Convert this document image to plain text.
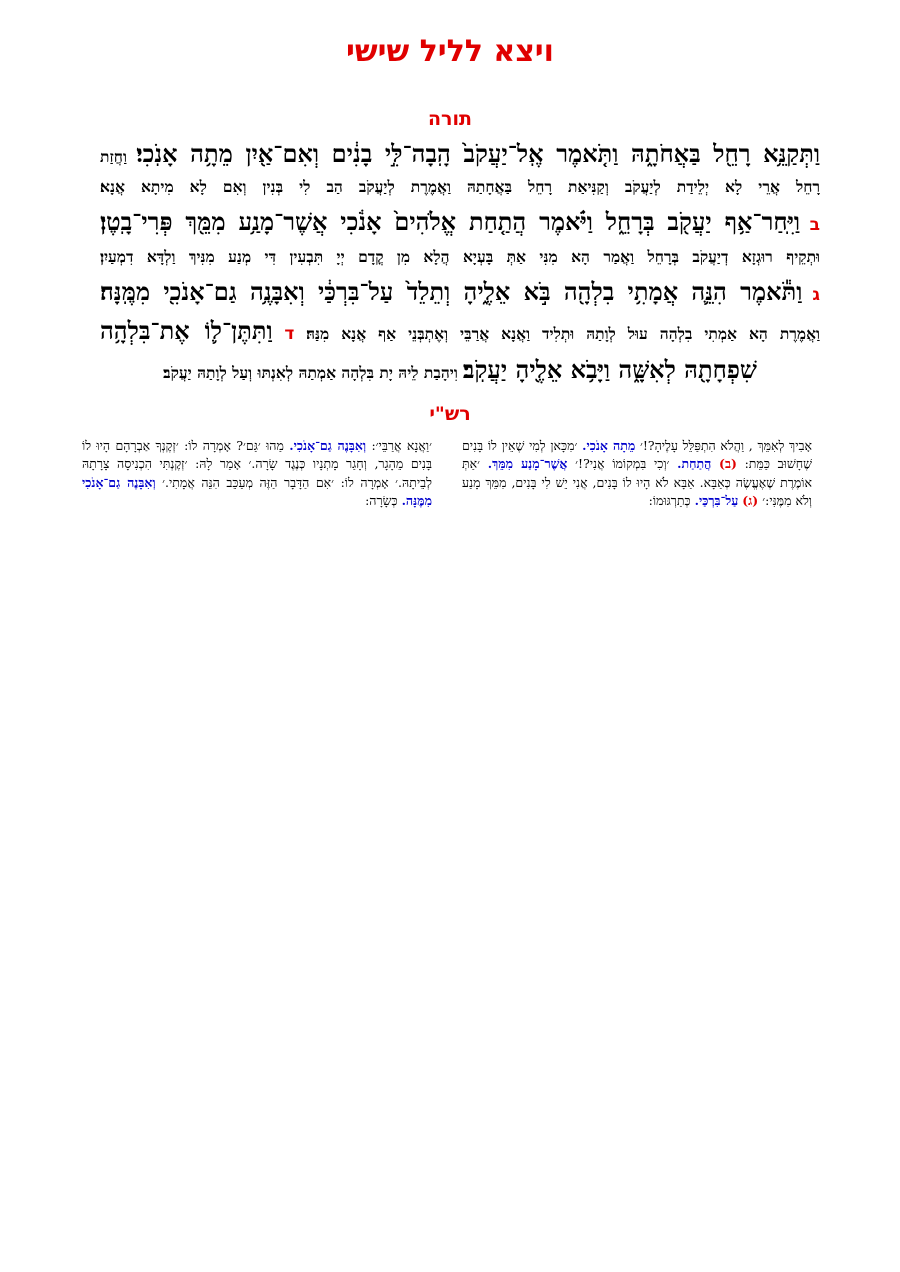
ויצא לליל שישי
תורה
וַתְּקַנֵּ֥א רָחֵ֖ל בַּאֲחֹתָ֑הּ וַתֹּ֤אמֶר אֶֽל־יַעֲקֹב֙ הָֽבָה־לִּ֣י בָנִ֔ים וְאִם־אַ֖יִן מֵתָ֥ה אָנֹֽכִי׃ וַחֲזַת
רָחֵל אֲרֵי לָא יְלֵידַת לְיַעֲקֹב וְקַנִּיאַת רָחֵל בַּאֲחָתַהּ וַאֲמֶרֶת לְיַעֲקֹב הַב לִי בְּנִין וְאִם לָא מִיתָא אֲנָא׃
ב וַיִּֽחַר־אַ֥ף יַעֲקֹ֖ב בְּרָחֵ֑ל וַיֹּ֗אמֶר הֲתַ֤חַת אֱלֹהִים֙ אָנֹ֔כִי אֲשֶׁר־מָנַ֥ע מִמֵּ֖ךְ פְּרִי־בָֽטֶן׃
וּתְקֵיף רוּגְזָא דְיַעֲקֹב בְּרָחֵל וַאֲמַר הָא מִנִּי אַתְּ בָּעְיָא הֲלָא מִן קֳדָם יְיָ תִּבְעִין דִּי מְנַע מִנִּיךְ וַלְדָּא דִמְעַיִן׃
ג וַתֹּ֕אמֶר הִנֵּ֛ה אֲמָתִ֥י בִלְהָ֖ה בֹּ֣א אֵלֶ֑יהָ וְתֵלֵד֙ עַל־בִּרְכַּ֔י וְאִבָּנֶ֥ה גַם־אָנֹכִ֖י מִמֶּֽנָּה׃
וַאֲמֶרֶת הָא אַמְתִי בִלְהָה עוּל לְוָתַהּ וּתְלִיד וַאֲנָא אֲרַבֵּי וְאֶתְבְּנֵי אַף אֲנָא מִנַּהּ׃ ד וַתִּתֶּן־ל֛וֹ אֶת־בִּלְהָ֥ה
שִׁפְחָתָ֖הּ לְאִשָּׁ֑ה וַיָּבֹ֥א אֵלֶ֖יהָ יַעֲקֹֽב׃ וִיהָבַת לֵיהּ יָת בִּלְהָה אַמְתַהּ לְאִנְתּוּ וְעַל לְוָתַהּ יַעֲקֹב׃
רש"י
אָבִיךְ לְאִמֵּךְ , וַהֲלֹא הִתְפַּלֵּל עָלֶיהָ?!׳ מֵתָה אָנֹכִי. ׳מִכָּאן לְמִי שֶׁאֵין לוֹ בָּנִים שֶׁחָשׁוּב כַּמֵּת: (ב) הֲתַחַת. ׳וְכִי בִּמְקוֹמוֹ אֲנִי?!׳ אֲשֶׁר־מָנַע מִמֵּךְ. ׳אַתְּ אוֹמֶרֶת שֶׁאֶעֱשֶׂה כְּאַבָּא. אַבָּא לֹא הָיוּ לוֹ בָּנִים, אֲנִי יֵשׁ לִי בָּנִים, מִמֵּךְ מָנַע וְלֹא מִמֶּנִּי:׳ (ג) עַל־בִּרְכַּי. כְּתַרְגּוּמוֹ:
׳וַאֲנָא אֲרַבֵּי׳: וְאִבָּנֶה גַם־אָנֹכִי. מַהוּ ׳גַּם׳? אָמְרָה לוֹ: ׳זְקֶנְךָ אַבְרָהָם הָיוּ לוֹ בָּנִים מֵהָגָר, וְחָגַר מָתְנָיו כְּנֶגֶד שָׂרָה.׳ אָמַר לָהּ: ׳זְקֶנְתִּי הִכְנִיסָה צָרָתָהּ לְבֵיתָהּ.׳ אָמְרָה לוֹ: ׳אִם הַדָּבָר הַזֶּה מְעַכֵּב הִנֵּה אֲמָתִי.׳ וְאִבָּנֶה גַם־אָנֹכִי מִמֶּנָּה. כְּשָׂרָה:
